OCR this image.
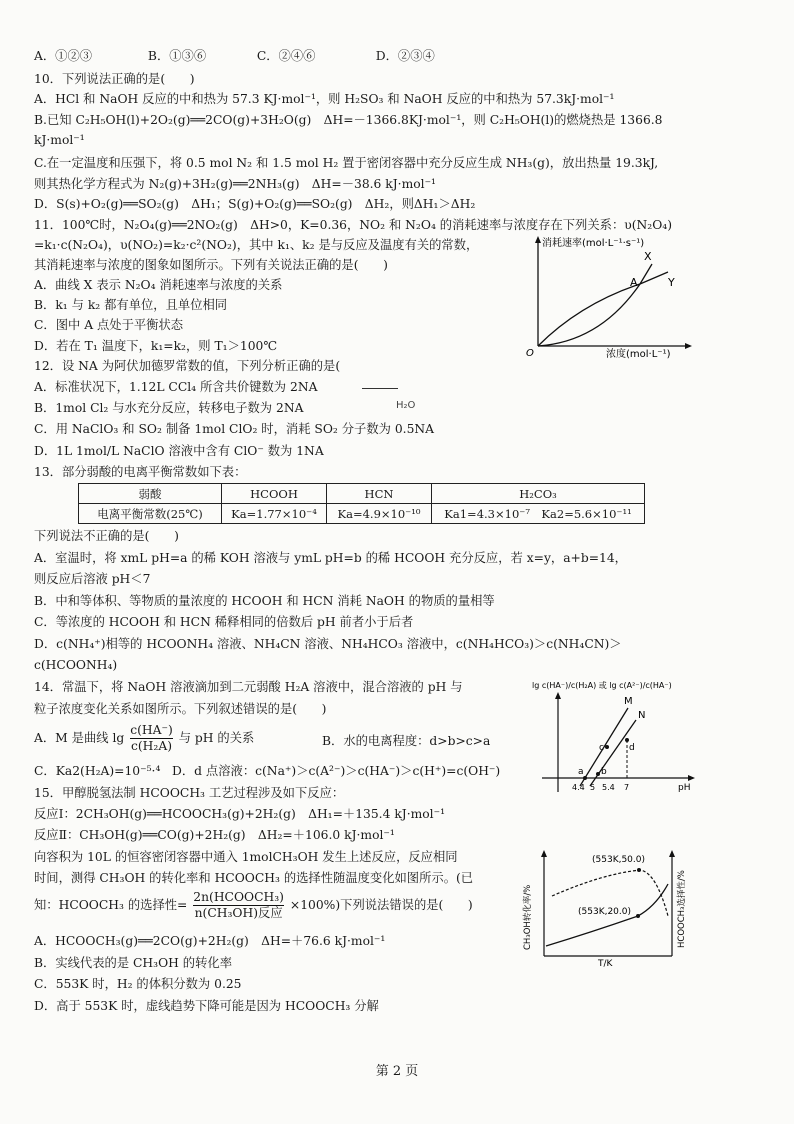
A．①②③	B．①③⑥	C．②④⑥	D．②③④
10．下列说法正确的是(　　)
A．HCl 和 NaOH 反应的中和热为 57.3 KJ·mol⁻¹，则 H₂SO₃ 和 NaOH 反应的中和热为 57.3kJ·mol⁻¹
B.已知 C₂H₅OH(l)+2O₂(g)══2CO(g)+3H₂O(g)　ΔH=－1366.8KJ·mol⁻¹，则 C₂H₅OH(l)的燃烧热是 1366.8
kJ·mol⁻¹
C.在一定温度和压强下，将 0.5 mol N₂ 和 1.5 mol H₂ 置于密闭容器中充分反应生成 NH₃(g)，放出热量 19.3kJ,
则其热化学方程式为 N₂(g)+3H₂(g)══2NH₃(g)　ΔH=－38.6 kJ·mol⁻¹
D．S(s)+O₂(g)══SO₂(g)　ΔH₁；S(g)+O₂(g)══SO₂(g)　ΔH₂，则ΔH₁＞ΔH₂
11．100℃时，N₂O₄(g)══2NO₂(g)　ΔH>0，K=0.36，NO₂ 和 N₂O₄ 的消耗速率与浓度存在下列关系：υ(N₂O₄)
=k₁·c(N₂O₄)，υ(NO₂)=k₂·c²(NO₂)，其中 k₁、k₂ 是与反应及温度有关的常数，
其消耗速率与浓度的图象如图所示。下列有关说法正确的是(　　)
A．曲线 X 表示 N₂O₄ 消耗速率与浓度的关系
B．k₁ 与 k₂ 都有单位，且单位相同
C．图中 A 点处于平衡状态
D．若在 T₁ 温度下，k₁=k₂，则 T₁＞100℃
消耗速率(mol·L⁻¹·s⁻¹)
浓度(mol·L⁻¹)
O
X
Y
A
12．设 NA 为阿伏加德罗常数的值，下列分析正确的是(
A．标准状况下，1.12L CCl₄ 所含共价键数为 2NA
B．1mol Cl₂ 与水充分反应，转移电子数为 2NA
C．用 NaClO₃ 和 SO₂ 制备 1mol ClO₂ 时，消耗 SO₂ 分子数为 0.5NA
D．1L 1mol/L NaClO 溶液中含有 ClO⁻ 数为 1NA
H₂O
13．部分弱酸的电离平衡常数如下表：
弱酸	HCOOH	HCN	H₂CO₃
电离平衡常数(25℃)	Ka=1.77×10⁻⁴	Ka=4.9×10⁻¹⁰	Ka1=4.3×10⁻⁷　Ka2=5.6×10⁻¹¹
下列说法不正确的是(　　)
A．室温时，将 xmL pH=a 的稀 KOH 溶液与 ymL pH=b 的稀 HCOOH 充分反应，若 x=y，a+b=14，
则反应后溶液 pH＜7
B．中和等体积、等物质的量浓度的 HCOOH 和 HCN 消耗 NaOH 的物质的量相等
C．等浓度的 HCOOH 和 HCN 稀释相同的倍数后 pH 前者小于后者
D．c(NH₄⁺)相等的 HCOONH₄ 溶液、NH₄CN 溶液、NH₄HCO₃ 溶液中，c(NH₄HCO₃)＞c(NH₄CN)＞
c(HCOONH₄)
14．常温下，将 NaOH 溶液滴加到二元弱酸 H₂A 溶液中，混合溶液的 pH 与
粒子浓度变化关系如图所示。下列叙述错误的是(　　)
A．M 是曲线 $\lg \frac{c(HA^-)}{\text{c(H₂A)}}$ 与 pH 的关系	B．水的电离程度：d>b>c>a
C．Ka2(H₂A)=10⁻⁵·⁴ D．d 点溶液：c(Na⁺)＞c(A²⁻)＞c(HA⁻)＞c(H⁺)=c(OH⁻)
lg c(HA⁻)/c(H₂A) 或 lg c(A²⁻)/c(HA⁻)
M
N
a b
c	d
4.4 5 5.4 7	pH
15．甲醇脱氢法制 HCOOCH₃ 工艺过程涉及如下反应：
反应Ⅰ：2CH₃OH(g)══HCOOCH₃(g)+2H₂(g)　ΔH₁=＋135.4 kJ·mol⁻¹
反应Ⅱ：CH₃OH(g)══CO(g)+2H₂(g)　ΔH₂=＋106.0 kJ·mol⁻¹
向容积为 10L 的恒容密闭容器中通入 1molCH₃OH 发生上述反应，反应相同
时间，测得 CH₃OH 的转化率和 HCOOCH₃ 的选择性随温度变化如图所示。(已
知：HCOOCH₃ 的选择性=
2n(HCOOCH₃)
n(CH₃OH)反应
×100%)下列说法错误的是(　　)
A．HCOOCH₃(g)══2CO(g)+2H₂(g)　ΔH=＋76.6 kJ·mol⁻¹
B．实线代表的是 CH₃OH 的转化率
C．553K 时，H₂ 的体积分数为 0.25
D．高于 553K 时，虚线趋势下降可能是因为 HCOOCH₃ 分解
CH₃OH转化率/%	HCOOCH₃选择性/%
(553K,50.0)
(553K,20.0)
T/K
第 2 页
